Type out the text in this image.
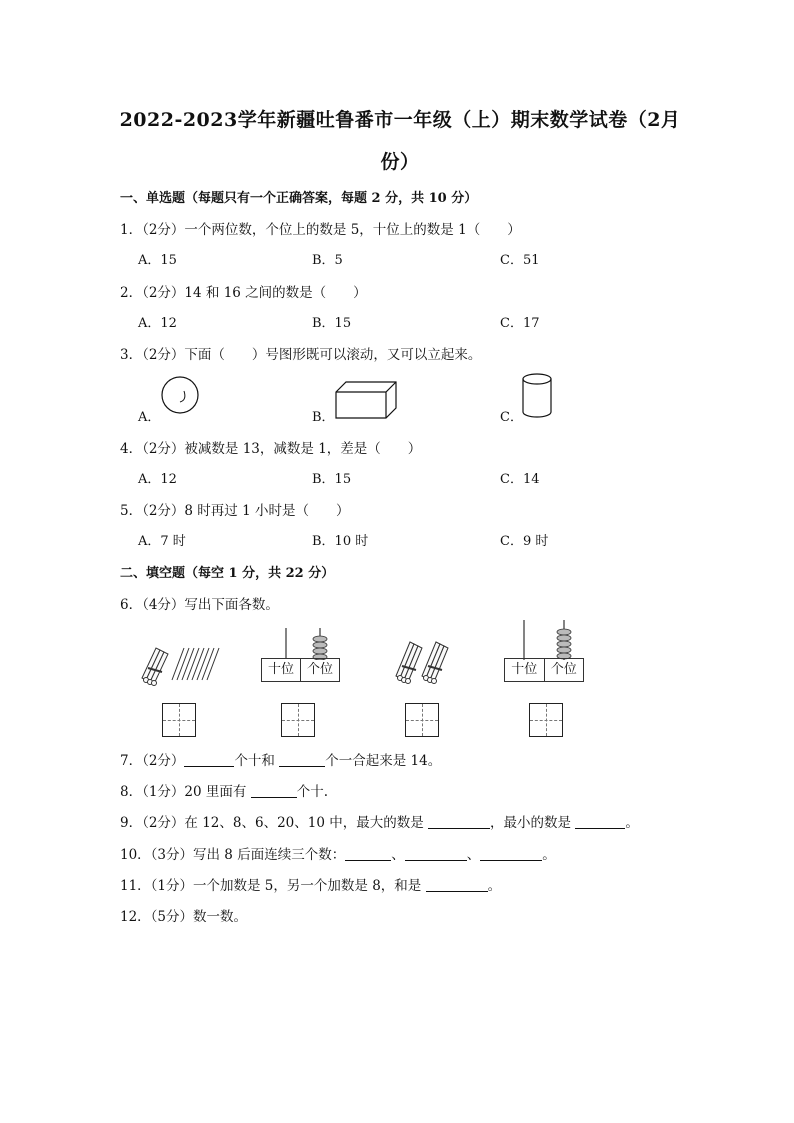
2022-2023学年新疆吐鲁番市一年级（上）期末数学试卷（2月
份）
一、单选题（每题只有一个正确答案，每题 2 分，共 10 分）
1．（2分）一个两位数，个位上的数是 5，十位上的数是 1（　　）
A．15	B．5	C．51
2．（2分）14 和 16 之间的数是（　　）
A．12	B．15	C．17
3．（2分）下面（　　）号图形既可以滚动，又可以立起来。
A．	B．	C．
4．（2分）被减数是 13，减数是 1，差是（　　）
A．12	B．15	C．14
5．（2分）8 时再过 1 小时是（　　）
A．7 时	B．10 时	C．9 时
二、填空题（每空 1 分，共 22 分）
6．（4分）写出下面各数。
十位 个位	十位	个位
7．（2分）	个十和	个一合起来是 14。
8．（1分）20 里面有	个十.
9．（2分）在 12、8、6、20、10 中，最大的数是	，最小的数是	。
10．（3分）写出 8 后面连续三个数：	、	、	。
11．（1分）一个加数是 5，另一个加数是 8，和是	。
12．（5分）数一数。
